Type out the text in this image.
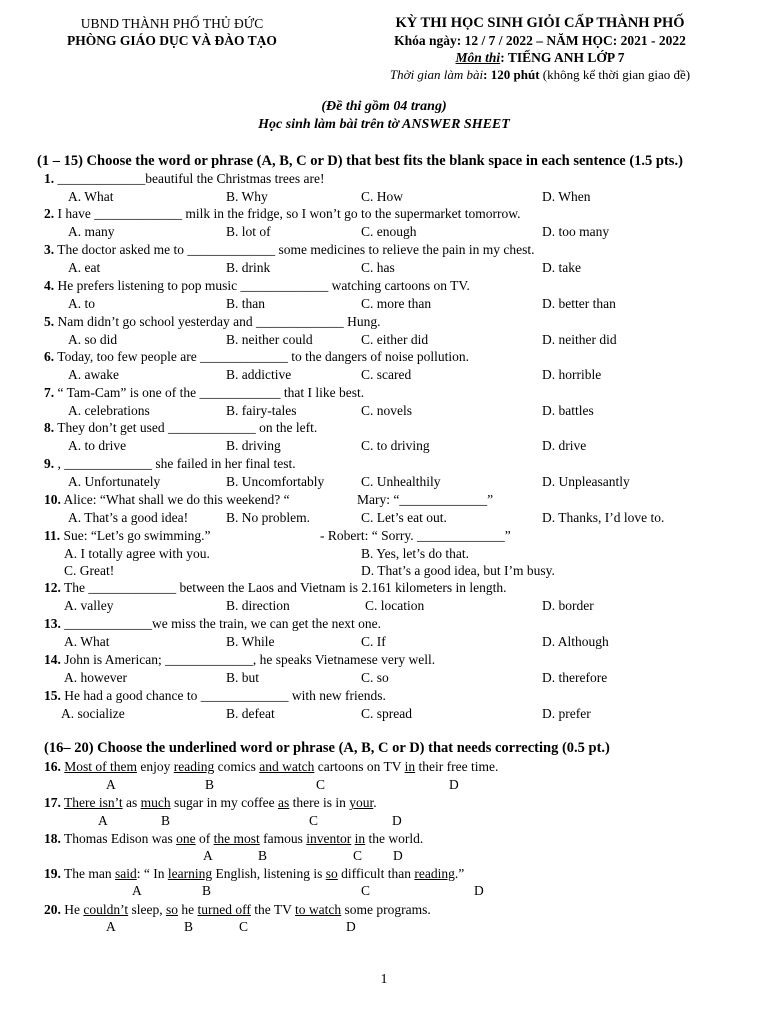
UBND THÀNH PHỐ THỦ ĐỨC
PHÒNG GIÁO DỤC VÀ ĐÀO TẠO
KỲ THI HỌC SINH GIỎI CẤP THÀNH PHỐ
Khóa ngày: 12 / 7 / 2022 – NĂM HỌC: 2021 - 2022
Môn thi: TIẾNG ANH LỚP 7
Thời gian làm bài: 120 phút (không kể thời gian giao đề)
(Đề thi gồm 04 trang)
Học sinh làm bài trên tờ ANSWER SHEET
(1 – 15) Choose the word or phrase (A, B, C or D) that best fits the blank space in each sentence (1.5 pts.)
1. _____________beautiful the Christmas trees are!
A. What	B. Why	C. How	D. When
2. I have _____________ milk in the fridge, so I won’t go to the supermarket tomorrow.
A. many	B. lot of	C. enough	D. too many
3. The doctor asked me to _____________ some medicines to relieve the pain in my chest.
A. eat	B. drink	C. has	D. take
4. He prefers listening to pop music _____________ watching cartoons on TV.
A. to	B. than	C. more than	D. better than
5. Nam didn’t go school yesterday and _____________ Hung.
A. so did	B. neither could	C. either did	D. neither did
6. Today, too few people are _____________ to the dangers of noise pollution.
A. awake	B. addictive	C. scared	D. horrible
7. “ Tam-Cam” is one of the ____________ that I like best.
A. celebrations	B. fairy-tales	C. novels	D. battles
8. They don’t get used _____________ on the left.
A. to drive	B. driving	C. to driving	D. drive
9. , _____________ she failed in her final test.
A. Unfortunately	B. Uncomfortably	C. Unhealthily	D. Unpleasantly
10. Alice: “What shall we do this weekend? “	Mary: “_____________”
A. That’s a good idea!	B. No problem.	C. Let’s eat out.	D. Thanks, I’d love to.
11. Sue: “Let’s go swimming.”	- Robert: “ Sorry. _____________”
A. I totally agree with you.	B. Yes, let’s do that.
C. Great!	D. That’s a good idea, but I’m busy.
12. The _____________ between the Laos and Vietnam is 2.161 kilometers in length.
A. valley	B. direction	C. location	D. border
13. _____________we miss the train, we can get the next one.
A. What	B. While	C. If	D. Although
14. John is American; _____________, he speaks Vietnamese very well.
A. however	B. but	C. so	D. therefore
15. He had a good chance to _____________ with new friends.
A. socialize	B. defeat	C. spread	D. prefer
(16– 20) Choose the underlined word or phrase (A, B, C or D) that needs correcting (0.5 pt.)
16. Most of them enjoy reading comics and watch cartoons on TV in their free time.
A	B	C	D
17. There isn’t as much sugar in my coffee as there is in your.
A	B	C	D
18. Thomas Edison was one of the most famous inventor in the world.
A	B	C D
19. The man said: “ In learning English, listening is so difficult than reading.”
A	B	C	D
20. He couldn’t sleep, so he turned off the TV to watch some programs.
A	B	C	D
1
